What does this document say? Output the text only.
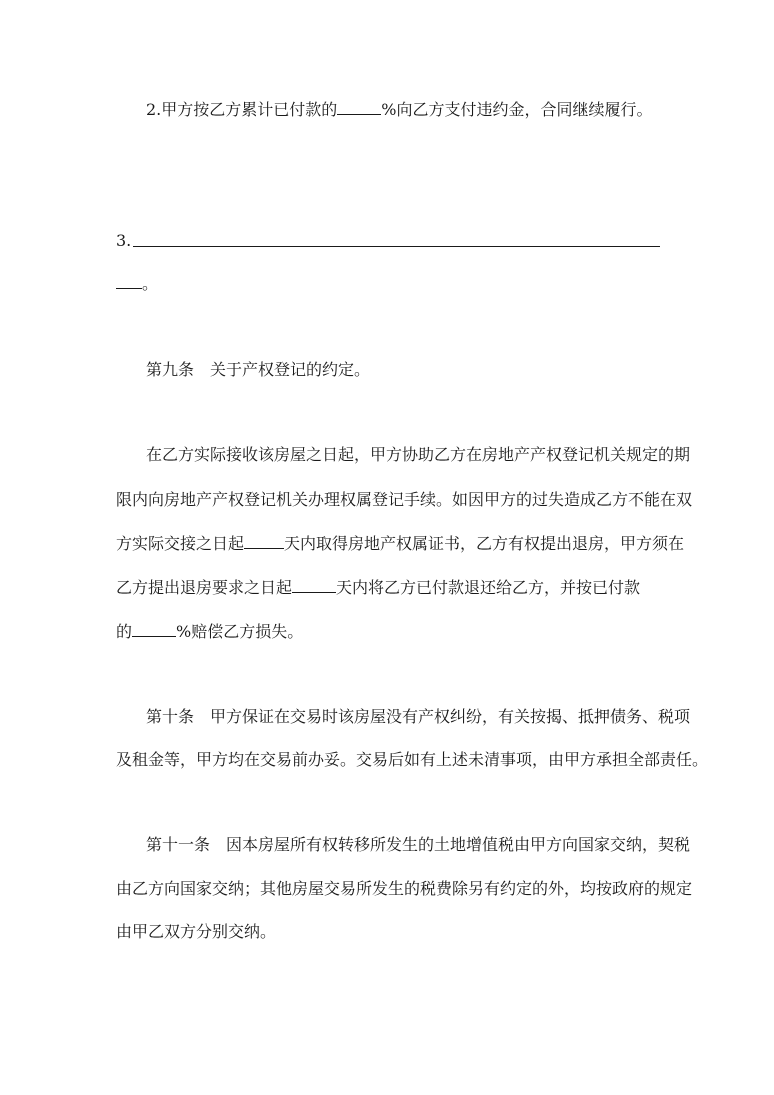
2.甲方按乙方累计已付款的	%向乙方支付违约金，合同继续履行。
3.
。
第九条　关于产权登记的约定。
在乙方实际接收该房屋之日起，甲方协助乙方在房地产产权登记机关规定的期
限内向房地产产权登记机关办理权属登记手续。如因甲方的过失造成乙方不能在双
方实际交接之日起	天内取得房地产权属证书，乙方有权提出退房，甲方须在
乙方提出退房要求之日起	天内将乙方已付款退还给乙方，并按已付款
的	%赔偿乙方损失。
第十条　甲方保证在交易时该房屋没有产权纠纷，有关按揭、抵押债务、税项
及租金等，甲方均在交易前办妥。交易后如有上述未清事项，由甲方承担全部责任。
第十一条　因本房屋所有权转移所发生的土地增值税由甲方向国家交纳，契税
由乙方向国家交纳；其他房屋交易所发生的税费除另有约定的外，均按政府的规定
由甲乙双方分别交纳。
